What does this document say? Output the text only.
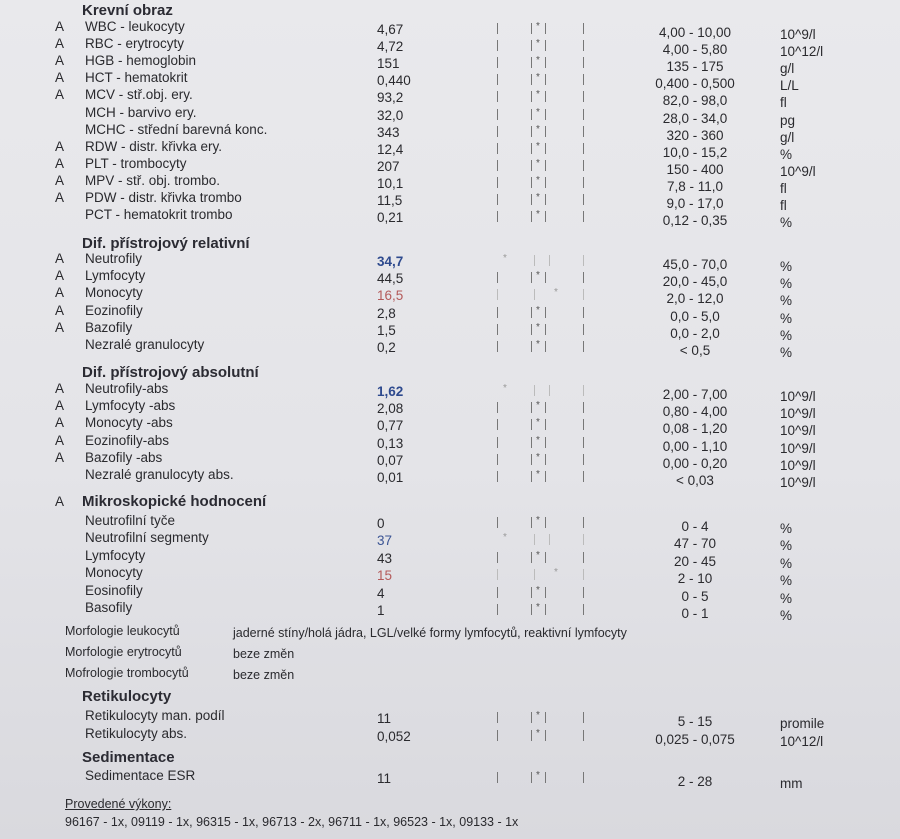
Krevní obraz
A WBC - leukocyty	4,67	*	4,00 - 10,00	10^9/l
A RBC - erytrocyty	4,72	*	4,00 - 5,80	10^12/l
A HGB - hemoglobin	151	*	135 - 175	g/l
A HCT - hematokrit	0,440	*	0,400 - 0,500	L/L
A MCV - stř.obj. ery.	93,2	*	82,0 - 98,0	fl
MCH - barvivo ery.	32,0	*	28,0 - 34,0	pg
MCHC - střední barevná konc.	343	*	320 - 360	g/l
A RDW - distr. křivka ery.	12,4	*	10,0 - 15,2	%
A PLT - trombocyty	207	*	150 - 400	10^9/l
A MPV - stř. obj. trombo.	10,1	*	7,8 - 11,0	fl
A PDW - distr. křivka trombo	11,5	*	9,0 - 17,0	fl
PCT - hematokrit trombo	0,21	*	0,12 - 0,35	%
Dif. přístrojový relativní
A Neutrofily	34,7	*	45,0 - 70,0	%
A Lymfocyty	44,5	*	20,0 - 45,0	%
A Monocyty	16,5	*	2,0 - 12,0	%
A Eozinofily	2,8	*	0,0 - 5,0	%
A Bazofily	1,5	*	0,0 - 2,0	%
Nezralé granulocyty	0,2	*	< 0,5	%
Dif. přístrojový absolutní
A Neutrofily-abs	1,62	*	2,00 - 7,00	10^9/l
A Lymfocyty -abs	2,08	*	0,80 - 4,00	10^9/l
A Monocyty -abs	0,77	*	0,08 - 1,20	10^9/l
A Eozinofily-abs	0,13	*	0,00 - 1,10	10^9/l
A Bazofily -abs	0,07	*	0,00 - 0,20	10^9/l
Nezralé granulocyty abs.	0,01	*	< 0,03	10^9/l
A Mikroskopické hodnocení
Neutrofilní tyče	0	*	0 - 4	%
Neutrofilní segmenty	37	*	47 - 70	%
Lymfocyty	43	*	20 - 45	%
Monocyty	15	*	2 - 10	%
Eosinofily	4	*	0 - 5	%
Basofily	1	*	0 - 1	%
Morfologie leukocytů	jaderné stíny/holá jádra, LGL/velké formy lymfocytů, reaktivní lymfocyty
Morfologie erytrocytů	beze změn
Mofrologie trombocytů	beze změn
Retikulocyty
Retikulocyty man. podíl	11	*	5 - 15	promile
Retikulocyty abs.	0,052	*	0,025 - 0,075	10^12/l
Sedimentace
Sedimentace ESR	11	*	2 - 28	mm
Provedené výkony:
96167 - 1x, 09119 - 1x, 96315 - 1x, 96713 - 2x, 96711 - 1x, 96523 - 1x, 09133 - 1x
